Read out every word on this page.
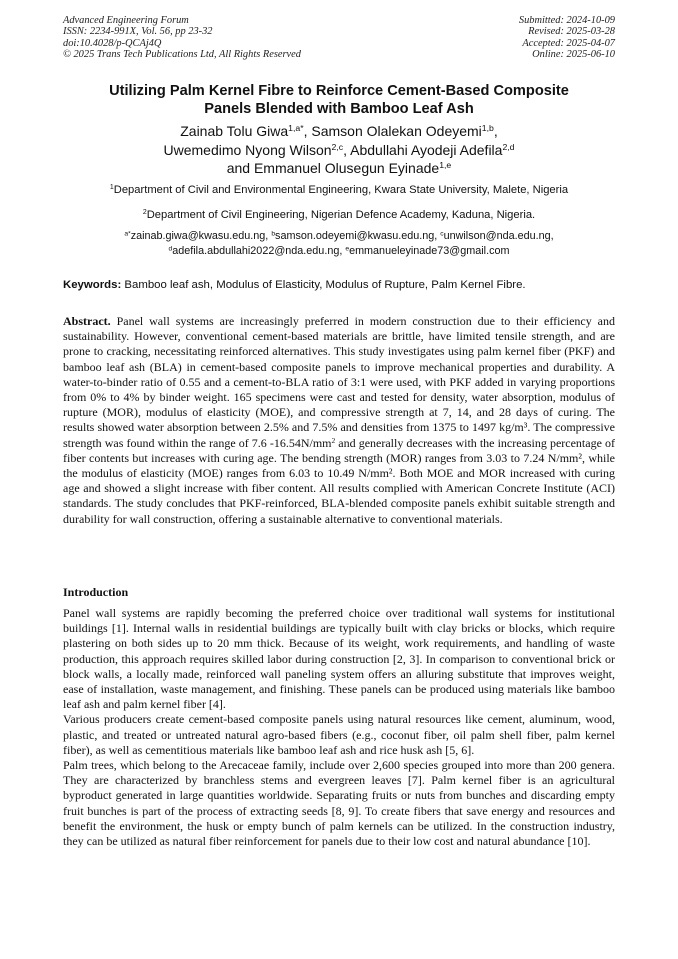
Advanced Engineering Forum
ISSN: 2234-991X, Vol. 56, pp 23-32
doi:10.4028/p-QCAj4Q
© 2025 Trans Tech Publications Ltd, All Rights Reserved
Submitted: 2024-10-09
Revised: 2025-03-28
Accepted: 2025-04-07
Online: 2025-06-10
Utilizing Palm Kernel Fibre to Reinforce Cement-Based Composite
Panels Blended with Bamboo Leaf Ash
Zainab Tolu Giwa$^{1,a*}$, Samson Olalekan Odeyemi$^{1,b}$,
Uwemedimo Nyong Wilson$^{2,c}$, Abdullahi Ayodeji Adefila$^{2,d}$
and Emmanuel Olusegun Eyinade$^{1,e}$
$^1$Department of Civil and Environmental Engineering, Kwara State University, Malete, Nigeria
$^2$Department of Civil Engineering, Nigerian Defence Academy, Kaduna, Nigeria.
$^{a*}$zainab.giwa@kwasu.edu.ng, $^b$samson.odeyemi@kwasu.edu.ng, $^c$unwilson@nda.edu.ng,
$^d$adefila.abdullahi2022@nda.edu.ng, $^e$emmanueleyinade73@gmail.com
Keywords: Bamboo leaf ash, Modulus of Elasticity, Modulus of Rupture, Palm Kernel Fibre.
Abstract. Panel wall systems are increasingly preferred in modern construction due to their efficiency and sustainability. However, conventional cement-based materials are brittle, have limited tensile strength, and are prone to cracking, necessitating reinforced alternatives. This study investigates using palm kernel fiber (PKF) and bamboo leaf ash (BLA) in cement-based composite panels to improve mechanical properties and durability. A water-to-binder ratio of 0.55 and a cement-to-BLA ratio of 3:1 were used, with PKF added in varying proportions from 0% to 4% by binder weight. 165 specimens were cast and tested for density, water absorption, modulus of rupture (MOR), modulus of elasticity (MOE), and compressive strength at 7, 14, and 28 days of curing. The results showed water absorption between 2.5% and 7.5% and densities from 1375 to 1497 kg/m³. The compressive strength was found within the range of 7.6 $-16.54N/mm^2$ and generally decreases with the increasing percentage of fiber contents but increases with curing age. The bending strength (MOR) ranges from 3.03 to 7.24 N/mm², while the modulus of elasticity (MOE) ranges from 6.03 to 10.49 N/mm². Both MOE and MOR increased with curing age and showed a slight increase with fiber content. All results complied with American Concrete Institute (ACI) standards. The study concludes that PKF-reinforced, BLA-blended composite panels exhibit suitable strength and durability for wall construction, offering a sustainable alternative to conventional materials.
Introduction

Panel wall systems are rapidly becoming the preferred choice over traditional wall systems for institutional buildings [1]. Internal walls in residential buildings are typically built with clay bricks or blocks, which require plastering on both sides up to 20 mm thick. Because of its weight, work requirements, and handling of waste production, this approach requires skilled labor during construction [2, 3]. In comparison to conventional brick or block walls, a locally made, reinforced wall paneling system offers an alluring substitute that improves weight, ease of installation, waste management, and finishing. These panels can be produced using materials like bamboo leaf ash and palm kernel fiber [4].

Various producers create cement-based composite panels using natural resources like cement, aluminum, wood, plastic, and treated or untreated natural agro-based fibers (e.g., coconut fiber, oil palm shell fiber, palm kernel fiber), as well as cementitious materials like bamboo leaf ash and rice husk ash [5, 6].

Palm trees, which belong to the Arecaceae family, include over 2,600 species grouped into more than 200 genera. They are characterized by branchless stems and evergreen leaves [7]. Palm kernel fiber is an agricultural byproduct generated in large quantities worldwide. Separating fruits or nuts from bunches and discarding empty fruit bunches is part of the process of extracting seeds [8, 9]. To create fibers that save energy and resources and benefit the environment, the husk or empty bunch of palm kernels can be utilized. In the construction industry, they can be utilized as natural fiber reinforcement for panels due to their low cost and natural abundance [10].
